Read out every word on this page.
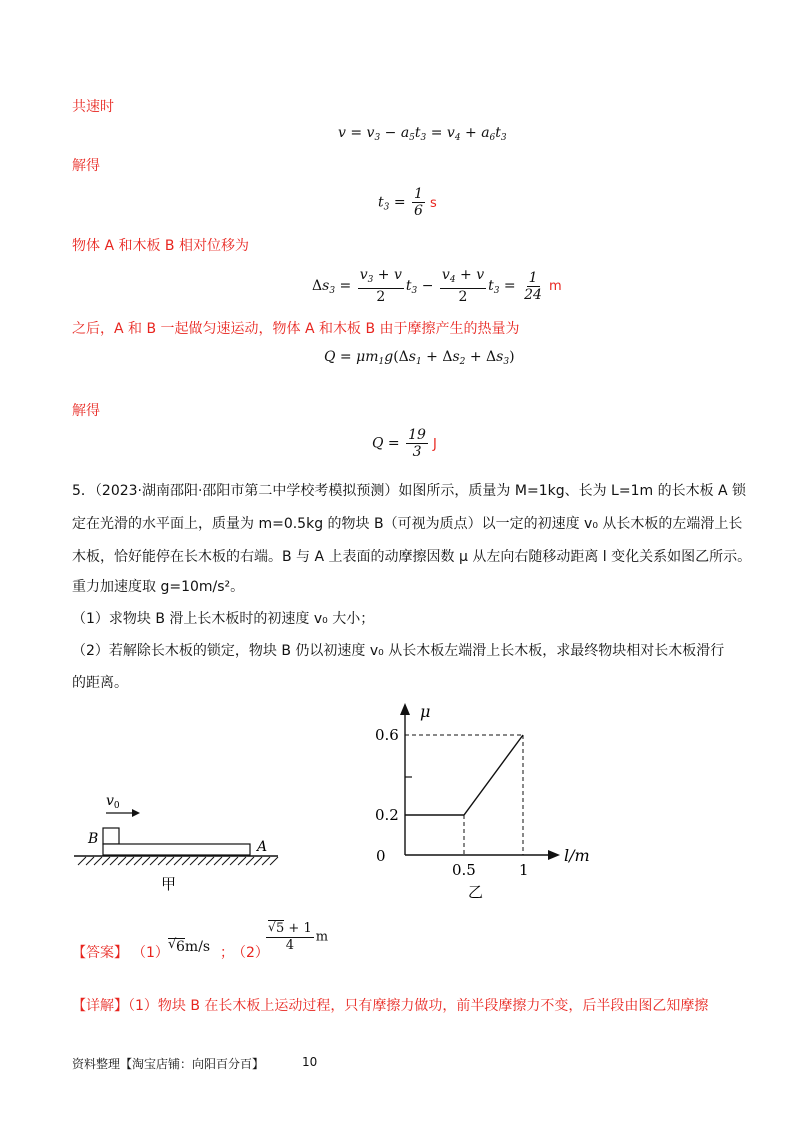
共速时
$v = v_3 - a_5t_3 = v_4 + a_6t_3$
解得
$t_3 = \frac{1}{6}$ s
物体 A 和木板 B 相对位移为
$\Delta s_3 = \frac{v_3 + v}{2} t_3 - \frac{v_4 + v}{2} t_3 = \frac{1}{24}$ m
之后，A 和 B 一起做匀速运动，物体 A 和木板 B 由于摩擦产生的热量为
$Q = \mu m_1g(\Delta s_1 + \Delta s_2 + \Delta s_3)$
解得
$Q = \frac{19}{3}$ J
5．（2023·湖南邵阳·邵阳市第二中学校考模拟预测）如图所示，质量为 M=1kg、长为 L=1m 的长木板 A 锁
定在光滑的水平面上，质量为 m=0.5kg 的物块 B（可视为质点）以一定的初速度 v₀ 从长木板的左端滑上长
木板，恰好能停在长木板的右端。B 与 A 上表面的动摩擦因数 μ 从左向右随移动距离 l 变化关系如图乙所示。
重力加速度取 g=10m/s²。
（1）求物块 B 滑上长木板时的初速度 v₀ 大小；
（2）若解除长木板的锁定，物块 B 仍以初速度 v₀ 从长木板左端滑上长木板，求最终物块相对长木板滑行
的距离。
$v_0$
B	A
甲
μ
l/m
0
0.6
0.2
0.5	1
乙
【答案】 （1）
√ 6m/s ；
（2）
$\frac{√ 5 + 1}{4}$ m
【详解】（1）物块 B 在长木板上运动过程，只有摩擦力做功，前半段摩擦力不变，后半段由图乙知摩擦
资料整理【淘宝店铺：向阳百分百】	10
